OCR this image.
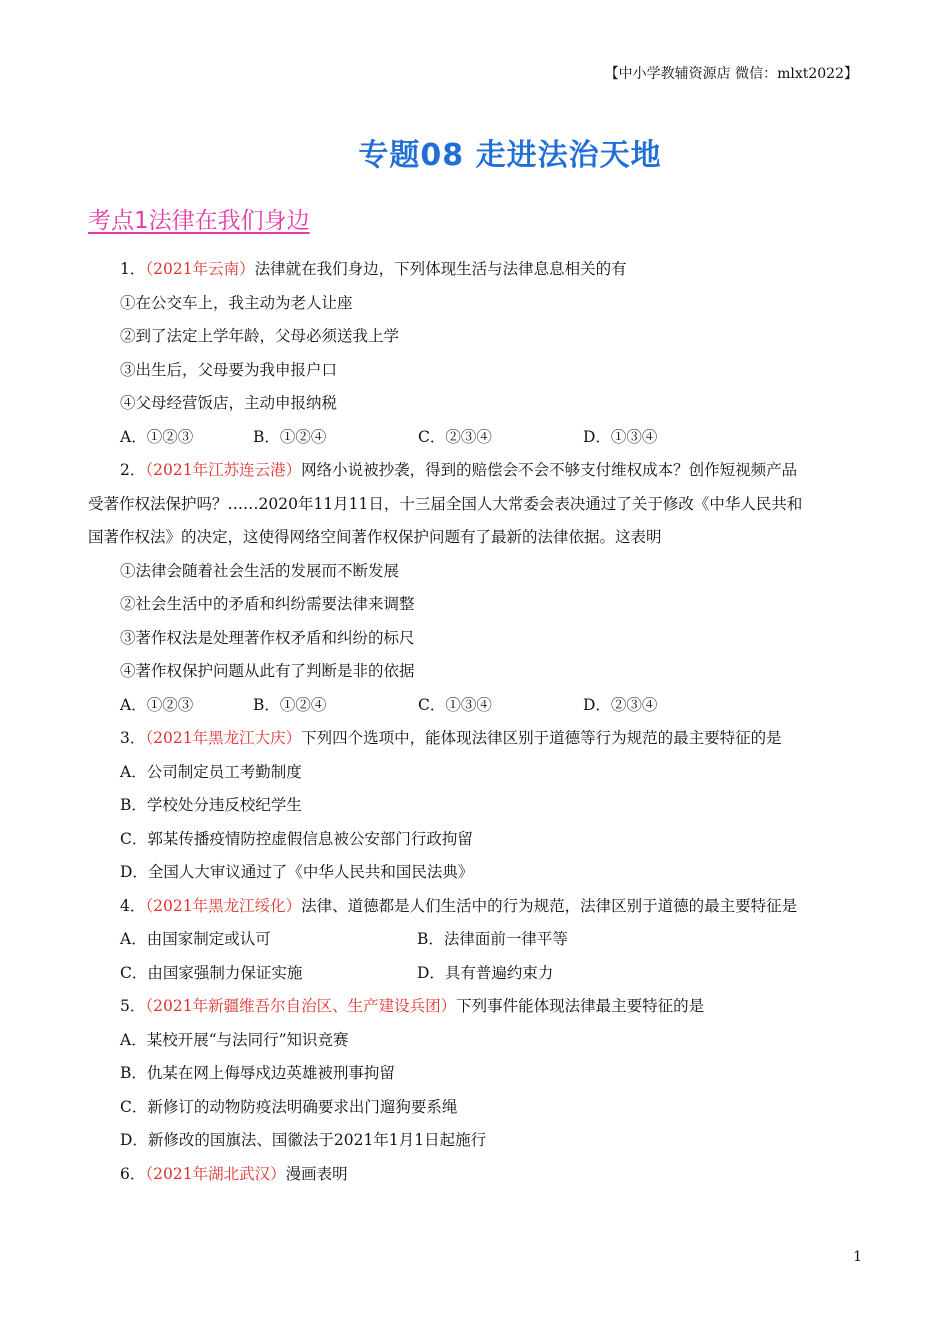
【中小学教辅资源店 微信：mlxt2022】
专题08 走进法治天地
考点1法律在我们身边
1．（2021年云南）法律就在我们身边，下列体现生活与法律息息相关的有
①在公交车上，我主动为老人让座
②到了法定上学年龄，父母必须送我上学
③出生后，父母要为我申报户口
④父母经营饭店，主动申报纳税
A．①②③	B．①②④	C．②③④	D．①③④
2．（2021年江苏连云港）网络小说被抄袭，得到的赔偿会不会不够支付维权成本？创作短视频产品
受著作权法保护吗？……2020年11月11日，十三届全国人大常委会表决通过了关于修改《中华人民共和
国著作权法》的决定，这使得网络空间著作权保护问题有了最新的法律依据。这表明
①法律会随着社会生活的发展而不断发展
②社会生活中的矛盾和纠纷需要法律来调整
③著作权法是处理著作权矛盾和纠纷的标尺
④著作权保护问题从此有了判断是非的依据
A．①②③	B．①②④	C．①③④	D．②③④
3．（2021年黑龙江大庆）下列四个选项中，能体现法律区别于道德等行为规范的最主要特征的是
A．公司制定员工考勤制度
B．学校处分违反校纪学生
C．郭某传播疫情防控虚假信息被公安部门行政拘留
D．全国人大审议通过了《中华人民共和国民法典》
4．（2021年黑龙江绥化）法律、道德都是人们生活中的行为规范，法律区别于道德的最主要特征是
A．由国家制定或认可	B．法律面前一律平等
C．由国家强制力保证实施	D．具有普遍约束力
5．（2021年新疆维吾尔自治区、生产建设兵团）下列事件能体现法律最主要特征的是
A．某校开展“与法同行”知识竞赛
B．仇某在网上侮辱戍边英雄被刑事拘留
C．新修订的动物防疫法明确要求出门遛狗要系绳
D．新修改的国旗法、国徽法于2021年1月1日起施行
6．（2021年湖北武汉）漫画表明
1
